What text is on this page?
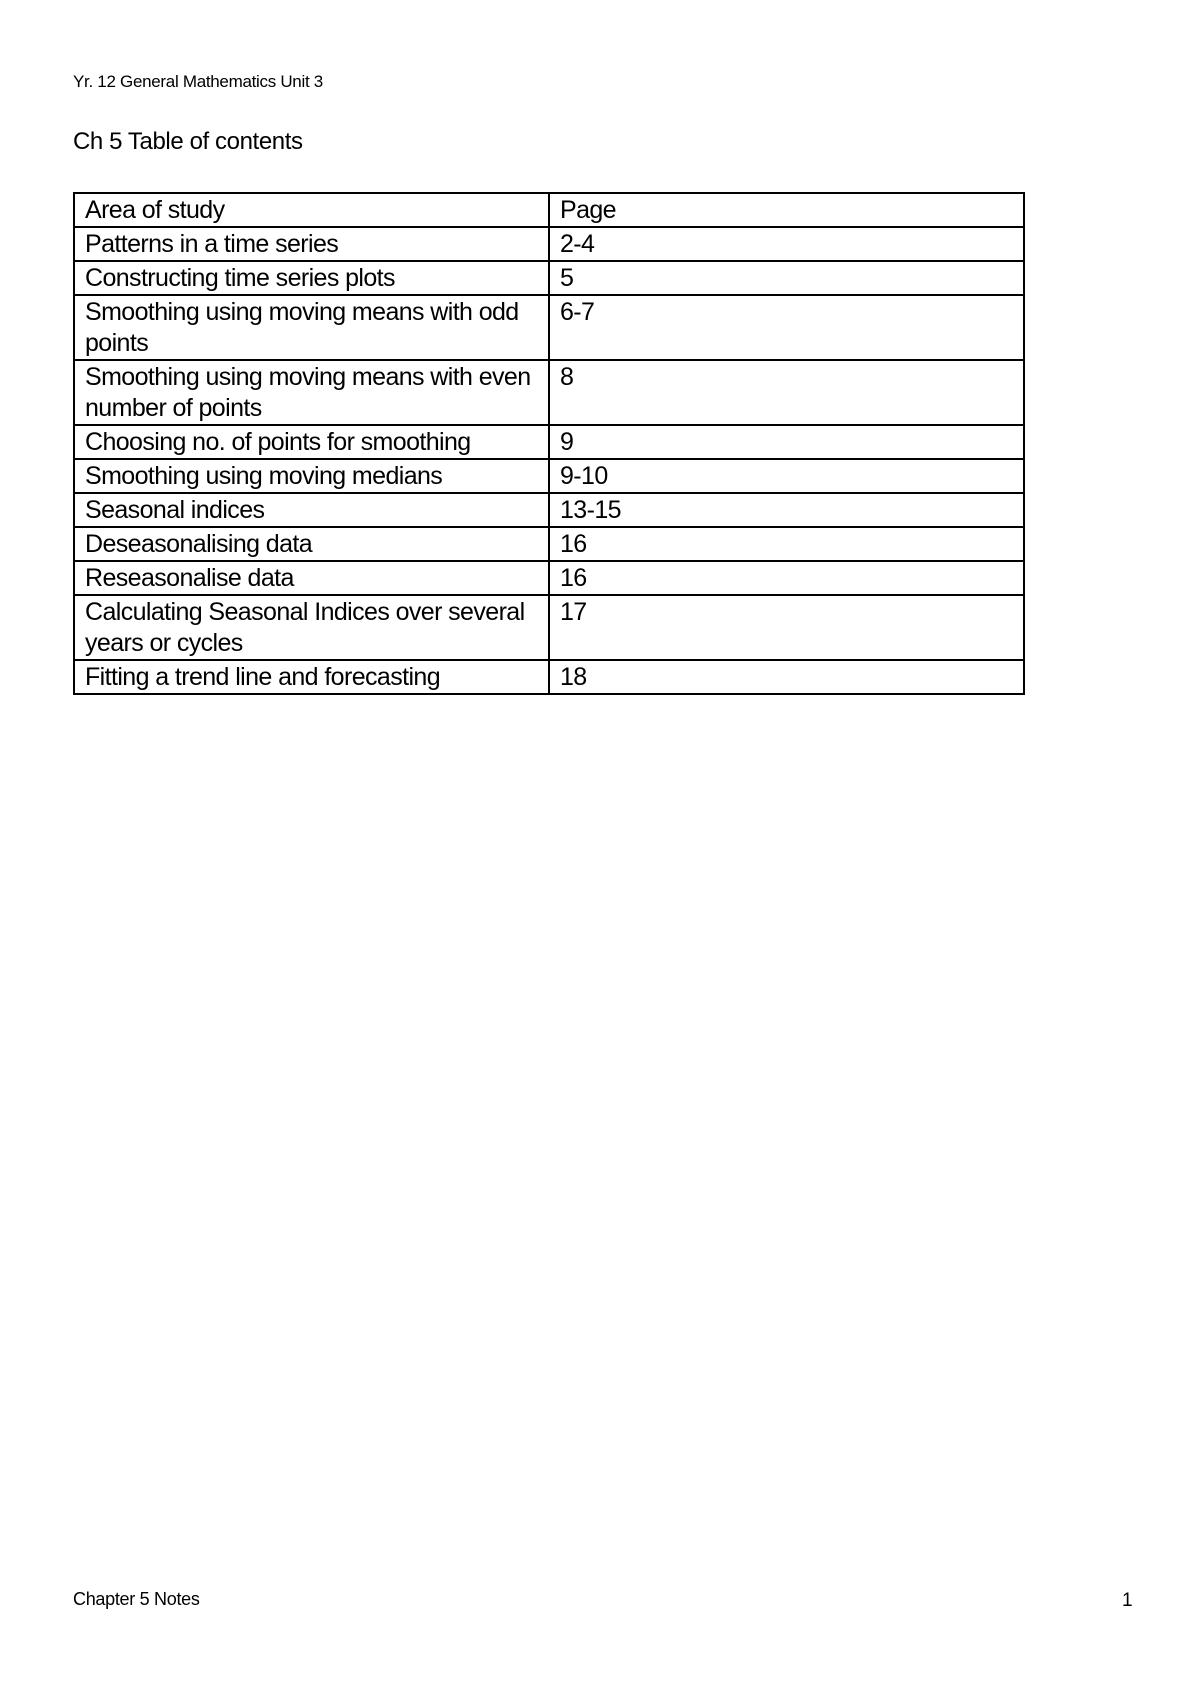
Yr. 12 General Mathematics Unit 3
Ch 5 Table of contents
Area of study	Page
Patterns in a time series	2-4
Constructing time series plots	5
Smoothing using moving means with odd points	6-7
Smoothing using moving means with even number of points	8
Choosing no. of points for smoothing	9
Smoothing using moving medians	9-10
Seasonal indices	13-15
Deseasonalising data	16
Reseasonalise data	16
Calculating Seasonal Indices over several years or cycles	17
Fitting a trend line and forecasting	18
Chapter 5 Notes	1
